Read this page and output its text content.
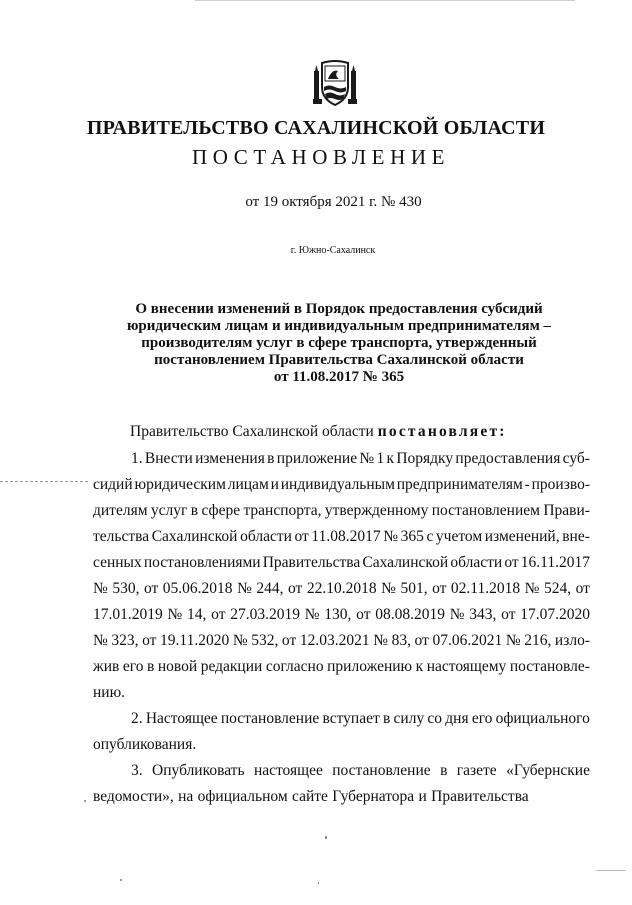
ПРАВИТЕЛЬСТВО САХАЛИНСКОЙ ОБЛАСТИ
ПОСТАНОВЛЕНИЕ
от 19 октября 2021 г. № 430
г. Южно-Сахалинск
О внесении изменений в Порядок предоставления субсидий
юридическим лицам и индивидуальным предпринимателям –
производителям услуг в сфере транспорта, утвержденный
постановлением Правительства Сахалинской области
от 11.08.2017 № 365
Правительство Сахалинской области постановляет:
1. Внести изменения в приложение № 1 к Порядку предоставления суб-
сидий юридическим лицам и индивидуальным предпринимателям - произво-
дителям услуг в сфере транспорта, утвержденному постановлением Прави-
тельства Сахалинской области от 11.08.2017 № 365 с учетом изменений, вне-
сенных постановлениями Правительства Сахалинской области от 16.11.2017
№ 530, от 05.06.2018 № 244, от 22.10.2018 № 501, от 02.11.2018 № 524, от
17.01.2019 № 14, от 27.03.2019 № 130, от 08.08.2019 № 343, от 17.07.2020
№ 323, от 19.11.2020 № 532, от 12.03.2021 № 83, от 07.06.2021 № 216, изло-
жив его в новой редакции согласно приложению к настоящему постановле-
нию.
2. Настоящее постановление вступает в силу со дня его официального
опубликования.
3. Опубликовать настоящее постановление в газете «Губернские
ведомости», на официальном сайте Губернатора и Правительства
